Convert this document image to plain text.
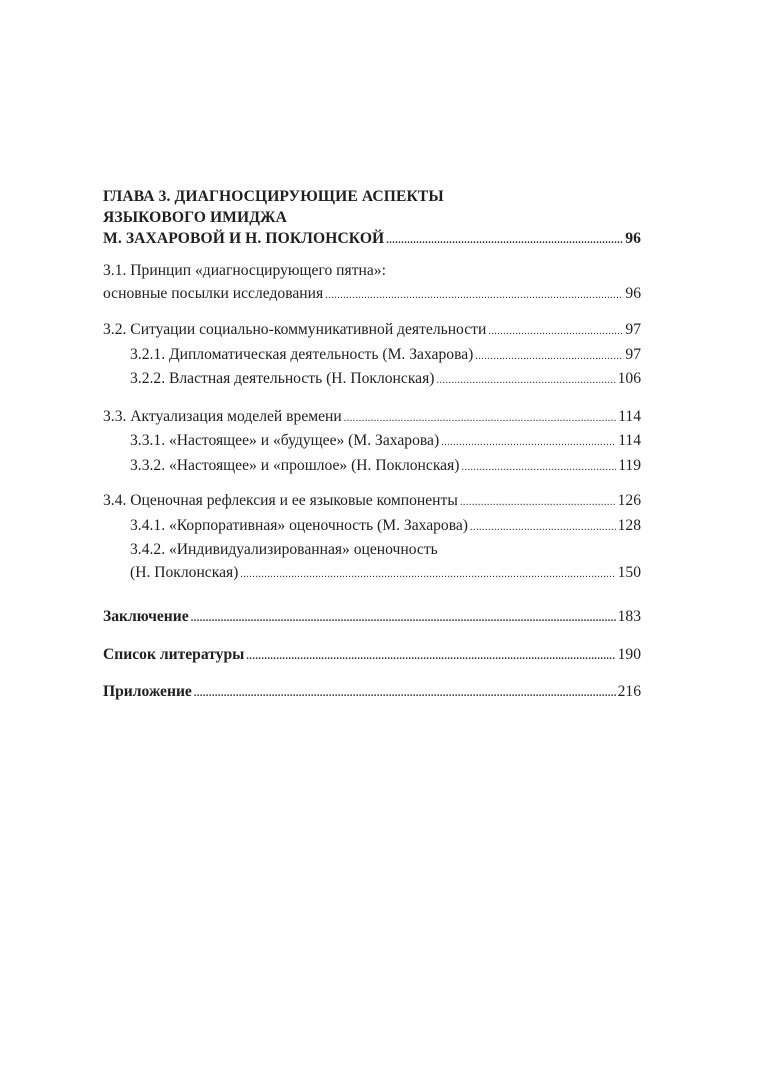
ГЛАВА 3. ДИАГНОСЦИРУЮЩИЕ АСПЕКТЫ
ЯЗЫКОВОГО ИМИДЖА
М. ЗАХАРОВОЙ И Н. ПОКЛОНСКОЙ .....	96
3.1. Принцип «диагносцирующего пятна»:
основные посылки исследования .....	96
3.2. Ситуации социально-коммуникативной деятельности .....	97
3.2.1. Дипломатическая деятельность (М. Захарова) .....	97
3.2.2. Властная деятельность (Н. Поклонская) .....	106
3.3. Актуализация моделей времени .....	114
3.3.1. «Настоящее» и «будущее» (М. Захарова) .....	114
3.3.2. «Настоящее» и «прошлое» (Н. Поклонская) .....	119
3.4. Оценочная рефлексия и ее языковые компоненты .....	126
3.4.1. «Корпоративная» оценочность (М. Захарова) .....	128
3.4.2. «Индивидуализированная» оценочность
(Н. Поклонская) .....	150
Заключение .....	183
Список литературы .....	190
Приложение .....	216
